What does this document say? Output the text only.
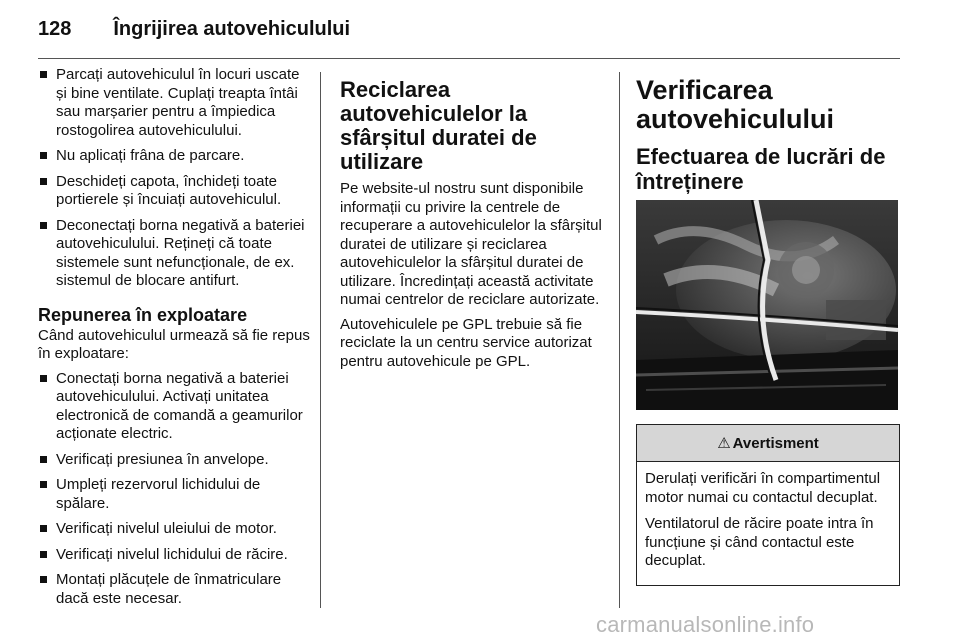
128 Îngrijirea autovehiculului
Parcați autovehiculul în locuri uscate și bine ventilate. Cuplați treapta întâi sau marșarier pentru a împiedica rostogolirea autovehiculului.
Nu aplicați frâna de parcare.
Deschideți capota, închideți toate portierele și încuiați autovehiculul.
Deconectați borna negativă a bateriei autovehiculului. Rețineți că toate sistemele sunt nefuncționale, de ex. sistemul de blocare antifurt.
Repunerea în exploatare

Când autovehiculul urmează să fie repus în exploatare:

Conectați borna negativă a bateriei autovehiculului. Activați unitatea electronică de comandă a geamurilor acționate electric.
Verificați presiunea în anvelope.
Umpleți rezervorul lichidului de spălare.
Verificați nivelul uleiului de motor.
Verificați nivelul lichidului de răcire.
Montați plăcuțele de înmatriculare dacă este necesar.
Reciclarea autovehiculelor la sfârșitul duratei de utilizare

Pe website-ul nostru sunt disponibile informații cu privire la centrele de recuperare a autovehiculelor la sfârșitul duratei de utilizare și reciclarea autovehiculelor la sfârșitul duratei de utilizare. Încredințați această activitate numai centrelor de reciclare autorizate.

Autovehiculele pe GPL trebuie să fie reciclate la un centru service autorizat pentru autovehicule pe GPL.

Verificarea autovehiculului
Efectuarea de lucrări de întreținere
⚠ Avertisment

Derulați verificări în compartimentul motor numai cu contactul decuplat.

Ventilatorul de răcire poate intra în funcțiune și când contactul este decuplat.

carmanualsonline.info
